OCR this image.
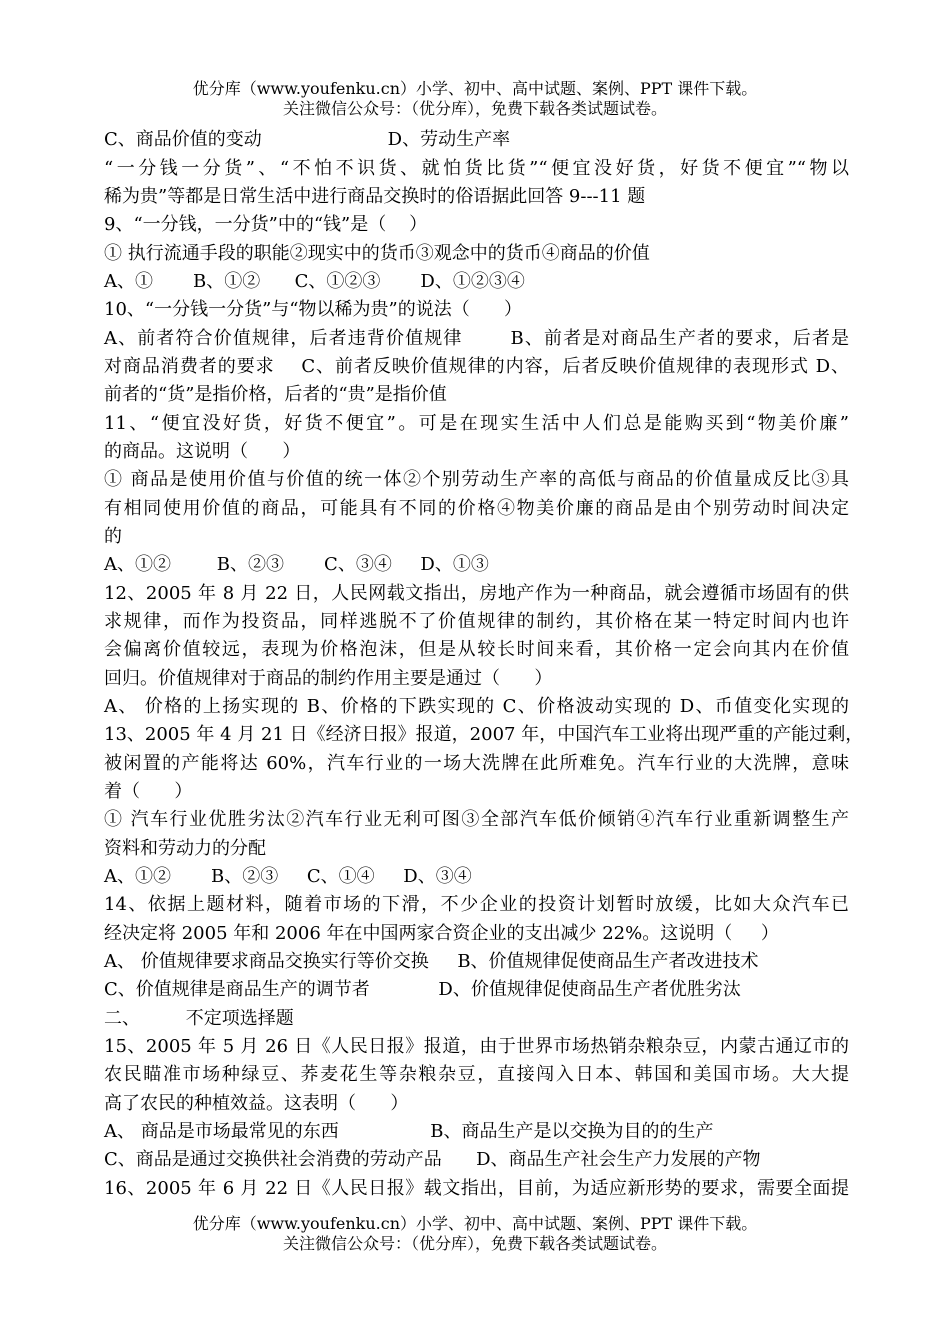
优分库（www.youfenku.cn）小学、初中、高中试题、案例、PPT 课件下载。
关注微信公众号：（优分库），免费下载各类试题试卷。
C、商品价值的变动                      D、劳动生产率
“一分钱一分货”、“不怕不识货、就怕货比货”“便宜没好货，好货不便宜”“物以
稀为贵”等都是日常生活中进行商品交换时的俗语据此回答 9---11 题
9、“一分钱，一分货”中的“钱”是（    ）
① 执行流通手段的职能②现实中的货币③观念中的货币④商品的价值
A、①       B、①②      C、①②③       D、①②③④
10、“一分钱一分货”与“物以稀为贵”的说法（      ）
A、前者符合价值规律，后者违背价值规律       B、前者是对商品生产者的要求，后者是
对商品消费者的要求    C、前者反映价值规律的内容，后者反映价值规律的表现形式 D、
前者的“货”是指价格，后者的“贵”是指价值
11、“便宜没好货，好货不便宜”。可是在现实生活中人们总是能购买到“物美价廉”
的商品。这说明（      ）
① 商品是使用价值与价值的统一体②个别劳动生产率的高低与商品的价值量成反比③具
有相同使用价值的商品，可能具有不同的价格④物美价廉的商品是由个别劳动时间决定
的
A、①②        B、②③       C、③④     D、①③
12、2005 年 8 月 22 日，人民网载文指出，房地产作为一种商品，就会遵循市场固有的供
求规律，而作为投资品，同样逃脱不了价值规律的制约，其价格在某一特定时间内也许
会偏离价值较远，表现为价格泡沫，但是从较长时间来看，其价格一定会向其内在价值
回归。价值规律对于商品的制约作用主要是通过（      ）
A、 价格的上扬实现的 B、价格的下跌实现的 C、价格波动实现的 D、币值变化实现的
13、2005 年 4 月 21 日《经济日报》报道，2007 年，中国汽车工业将出现严重的产能过剩，
被闲置的产能将达 60%，汽车行业的一场大洗牌在此所难免。汽车行业的大洗牌，意味
着（      ）
① 汽车行业优胜劣汰②汽车行业无利可图③全部汽车低价倾销④汽车行业重新调整生产
资料和劳动力的分配
A、①②       B、②③     C、①④     D、③④
14、依据上题材料，随着市场的下滑，不少企业的投资计划暂时放缓，比如大众汽车已
经决定将 2005 年和 2006 年在中国两家合资企业的支出减少 22%。这说明（     ）
A、 价值规律要求商品交换实行等价交换     B、价值规律促使商品生产者改进技术
C、价值规律是商品生产的调节者            D、价值规律促使商品生产者优胜劣汰
二、        不定项选择题
15、2005 年 5 月 26 日《人民日报》报道，由于世界市场热销杂粮杂豆，内蒙古通辽市的
农民瞄准市场种绿豆、荞麦花生等杂粮杂豆，直接闯入日本、韩国和美国市场。大大提
高了农民的种植效益。这表明（      ）
A、 商品是市场最常见的东西                B、商品生产是以交换为目的的生产
C、商品是通过交换供社会消费的劳动产品      D、商品生产社会生产力发展的产物
16、2005 年 6 月 22 日《人民日报》载文指出，目前，为适应新形势的要求，需要全面提
优分库（www.youfenku.cn）小学、初中、高中试题、案例、PPT 课件下载。
关注微信公众号：（优分库），免费下载各类试题试卷。
